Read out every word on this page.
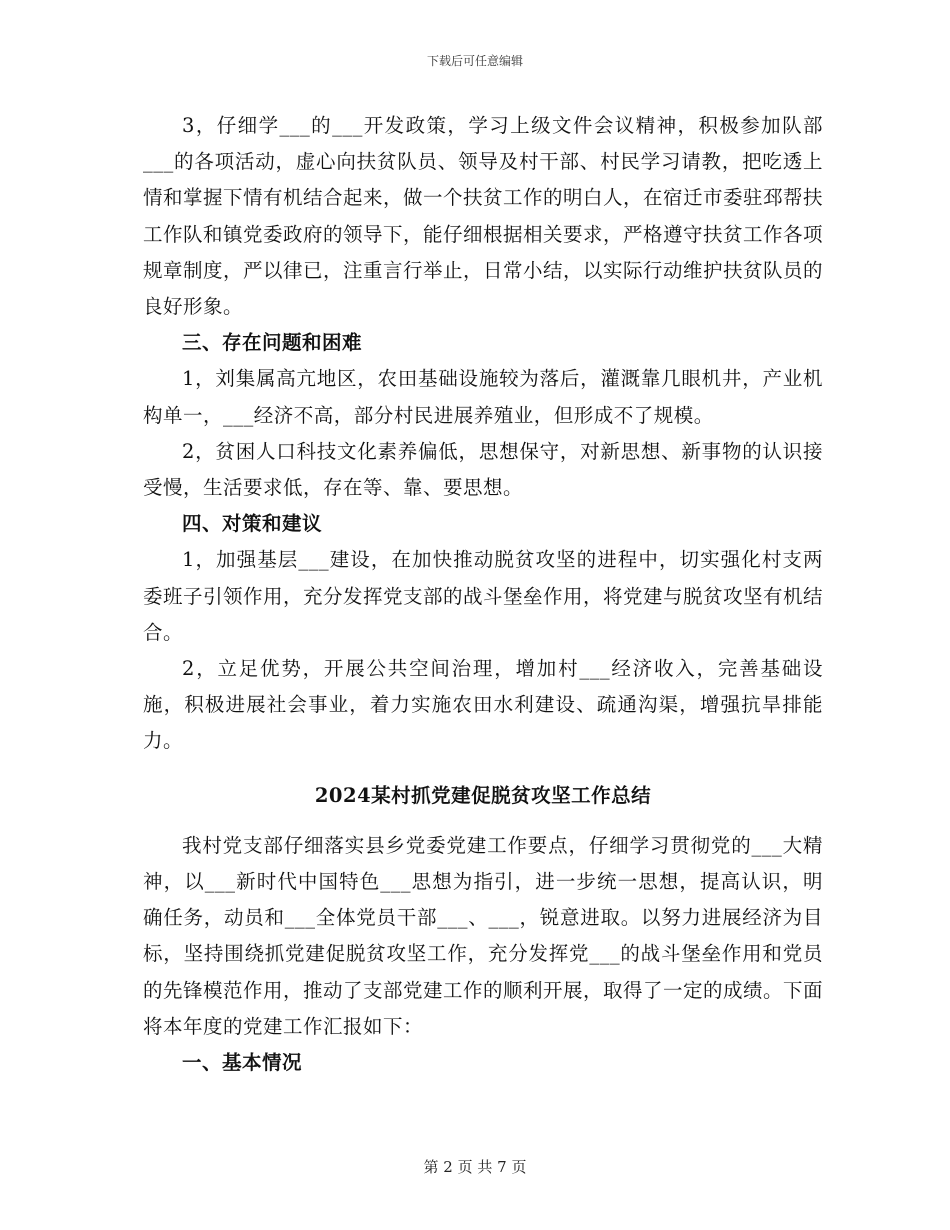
下载后可任意编辑

3，仔细学___的___开发政策，学习上级文件会议精神，积极参加队部___的各项活动，虚心向扶贫队员、领导及村干部、村民学习请教，把吃透上情和掌握下情有机结合起来，做一个扶贫工作的明白人，在宿迁市委驻邳帮扶工作队和镇党委政府的领导下，能仔细根据相关要求，严格遵守扶贫工作各项规章制度，严以律已，注重言行举止，日常小结，以实际行动维护扶贫队员的良好形象。

三、存在问题和困难

1，刘集属高亢地区，农田基础设施较为落后，灌溉靠几眼机井，产业机构单一，___经济不高，部分村民进展养殖业，但形成不了规模。

2，贫困人口科技文化素养偏低，思想保守，对新思想、新事物的认识接受慢，生活要求低，存在等、靠、要思想。

四、对策和建议

1，加强基层___建设，在加快推动脱贫攻坚的进程中，切实强化村支两委班子引领作用，充分发挥党支部的战斗堡垒作用，将党建与脱贫攻坚有机结合。

2，立足优势，开展公共空间治理，增加村___经济收入，完善基础设施，积极进展社会事业，着力实施农田水利建设、疏通沟渠，增强抗旱排能力。

2024某村抓党建促脱贫攻坚工作总结

我村党支部仔细落实县乡党委党建工作要点，仔细学习贯彻党的___大精神，以___新时代中国特色___思想为指引，进一步统一思想，提高认识，明确任务，动员和___全体党员干部___、___，锐意进取。以努力进展经济为目标，坚持围绕抓党建促脱贫攻坚工作，充分发挥党___的战斗堡垒作用和党员的先锋模范作用，推动了支部党建工作的顺利开展，取得了一定的成绩。下面将本年度的党建工作汇报如下：

一、基本情况

第 2 页 共 7 页
